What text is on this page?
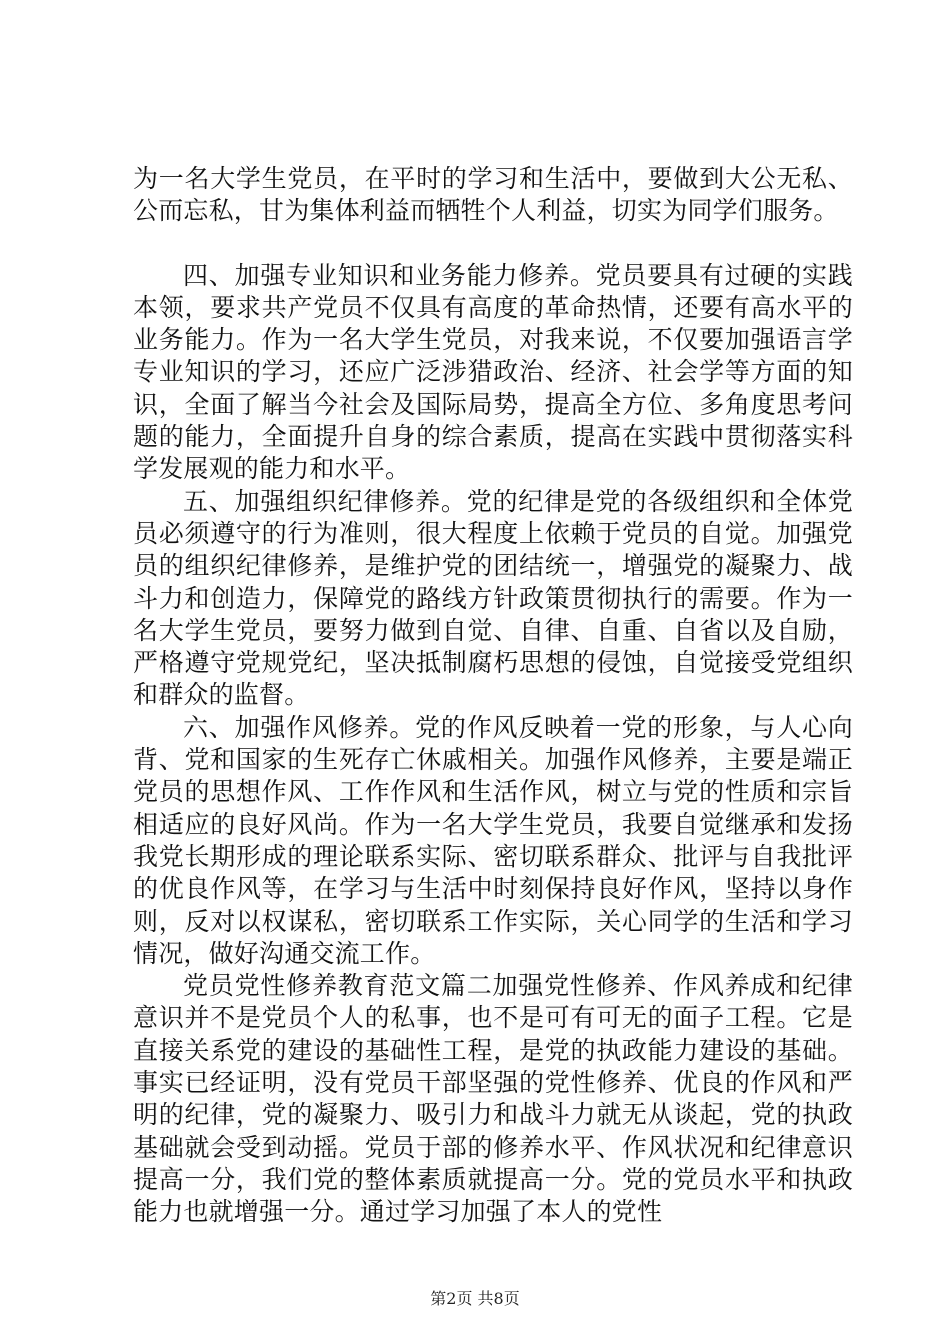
为一名大学生党员，在平时的学习和生活中，要做到大公无私、公而忘私，甘为集体利益而牺牲个人利益，切实为同学们服务。

四、加强专业知识和业务能力修养。党员要具有过硬的实践本领，要求共产党员不仅具有高度的革命热情，还要有高水平的业务能力。作为一名大学生党员，对我来说，不仅要加强语言学专业知识的学习，还应广泛涉猎政治、经济、社会学等方面的知识，全面了解当今社会及国际局势，提高全方位、多角度思考问题的能力，全面提升自身的综合素质，提高在实践中贯彻落实科学发展观的能力和水平。

五、加强组织纪律修养。党的纪律是党的各级组织和全体党员必须遵守的行为准则，很大程度上依赖于党员的自觉。加强党员的组织纪律修养，是维护党的团结统一，增强党的凝聚力、战斗力和创造力，保障党的路线方针政策贯彻执行的需要。作为一名大学生党员，要努力做到自觉、自律、自重、自省以及自励，严格遵守党规党纪，坚决抵制腐朽思想的侵蚀，自觉接受党组织和群众的监督。

六、加强作风修养。党的作风反映着一党的形象，与人心向背、党和国家的生死存亡休戚相关。加强作风修养，主要是端正党员的思想作风、工作作风和生活作风，树立与党的性质和宗旨相适应的良好风尚。作为一名大学生党员，我要自觉继承和发扬我党长期形成的理论联系实际、密切联系群众、批评与自我批评的优良作风等，在学习与生活中时刻保持良好作风，坚持以身作则，反对以权谋私，密切联系工作实际，关心同学的生活和学习情况，做好沟通交流工作。

党员党性修养教育范文篇二加强党性修养、作风养成和纪律意识并不是党员个人的私事，也不是可有可无的面子工程。它是直接关系党的建设的基础性工程，是党的执政能力建设的基础。事实已经证明，没有党员干部坚强的党性修养、优良的作风和严明的纪律，党的凝聚力、吸引力和战斗力就无从谈起，党的执政基础就会受到动摇。党员于部的修养水平、作风状况和纪律意识提高一分，我们党的整体素质就提高一分。党的党员水平和执政能力也就增强一分。通过学习加强了本人的党性

第2页 共8页
